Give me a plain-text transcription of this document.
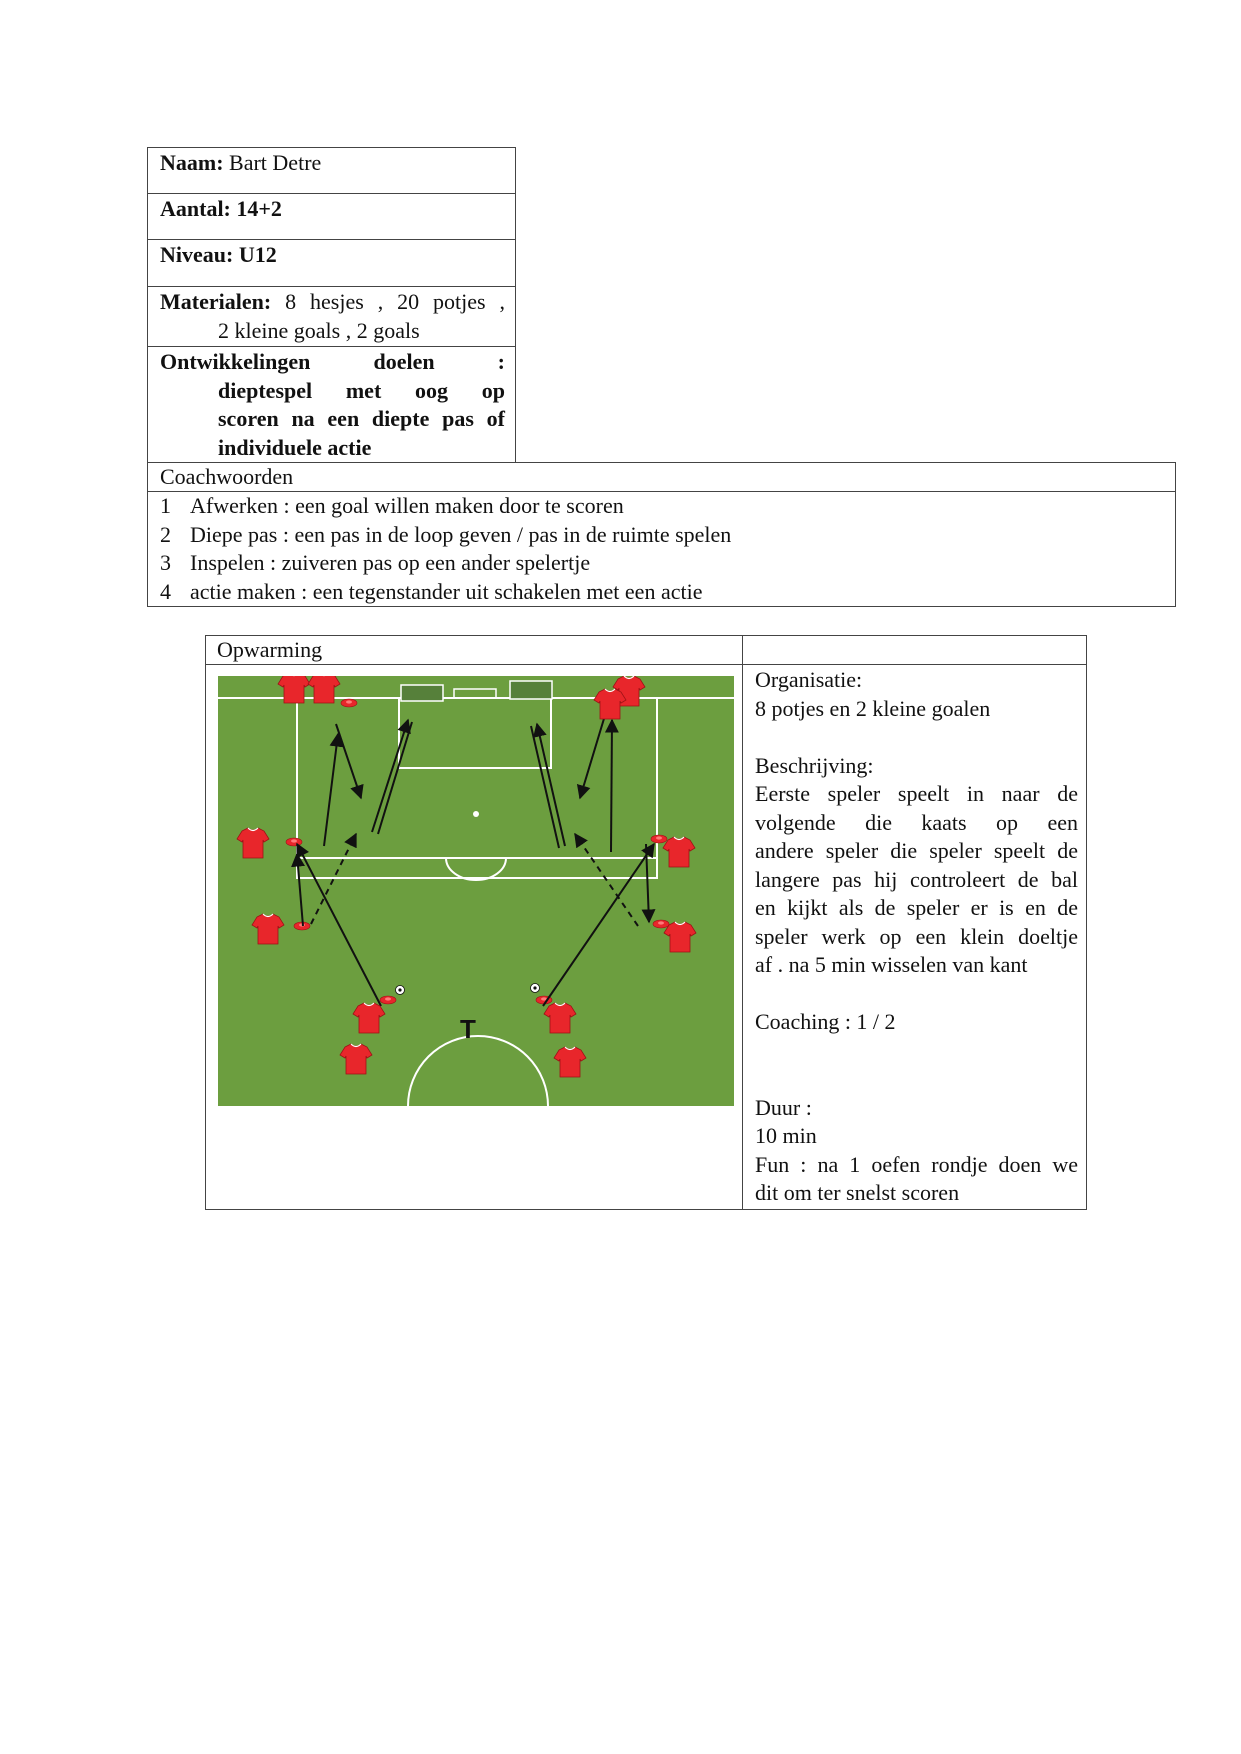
Naam: Bart Detre
Aantal: 14+2
Niveau: U12
Materialen: 8 hesjes , 20 potjes ,
2 kleine goals , 2 goals
Ontwikkelingen	doelen	:
dieptespel met oog op
scoren na een diepte pas of
individuele actie
Coachwoorden
1 Afwerken : een goal willen maken door te scoren
2 Diepe pas : een pas in de loop geven / pas in de ruimte spelen
3 Inspelen : zuiveren pas op een ander spelertje
4 actie maken : een tegenstander uit schakelen met een actie
Opwarming
T

Organisatie:

8 potjes en 2 kleine goalen

Beschrijving:

Eerste speler speelt in naar de
volgende die kaats op een
andere speler die speler speelt de
langere pas hij controleert de bal
en kijkt als de speler er is en de
speler werk op een klein doeltje
af . na 5 min wisselen van kant

Coaching : 1 / 2

Duur :

10 min

Fun : na 1 oefen rondje doen we
dit om ter snelst scoren
